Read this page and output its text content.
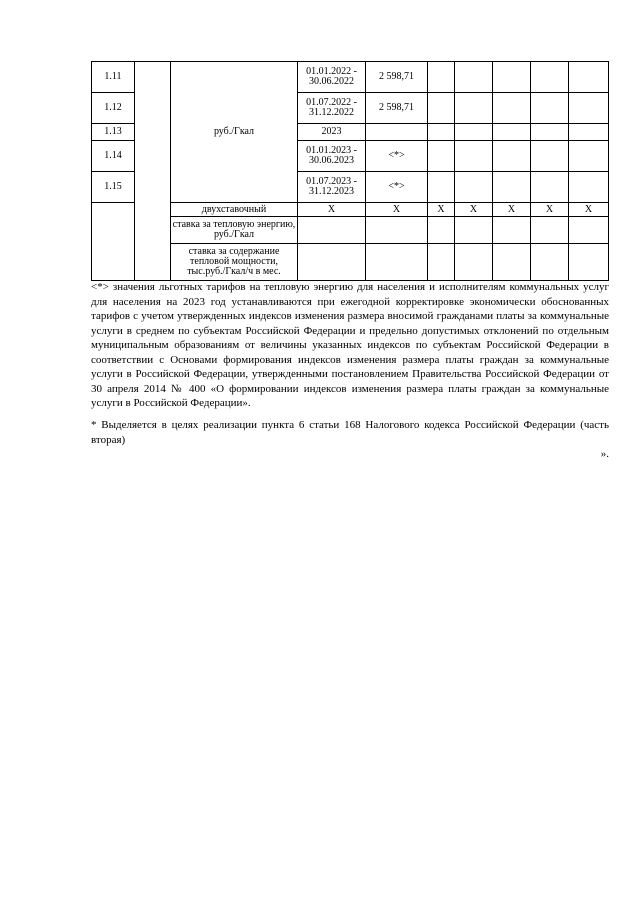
1.11		руб./Гкал	01.01.2022 -
30.06.2022	2 598,71					
1.12			01.07.2022 -
31.12.2022	2 598,71					
1.13			2023						
1.14			01.01.2023 -
30.06.2023	<*>					
1.15			01.07.2023 -
31.12.2023	<*>					
		двухставочный	X	X	X	X	X	X	X
		ставка за тепловую энергию, руб./Гкал							
		ставка за содержание тепловой мощности, тыс.руб./Гкал/ч в мес.							

<*> значения льготных тарифов на тепловую энергию для населения и исполнителям коммунальных услуг для населения на 2023 год устанавливаются при ежегодной корректировке экономически обоснованных тарифов с учетом утвержденных индексов изменения размера вносимой гражданами платы за коммунальные услуги в среднем по субъектам Российской Федерации и предельно допустимых отклонений по отдельным муниципальным образованиям от величины указанных индексов по субъектам Российской Федерации в соответствии с Основами формирования индексов изменения размера платы граждан за коммунальные услуги в Российской Федерации, утвержденными постановлением Правительства Российской Федерации от 30 апреля 2014 № 400 «О формировании индексов изменения размера платы граждан за коммунальные услуги в Российской Федерации».

* Выделяется в целях реализации пункта 6 статьи 168 Налогового кодекса Российской Федерации (часть вторая)

».
